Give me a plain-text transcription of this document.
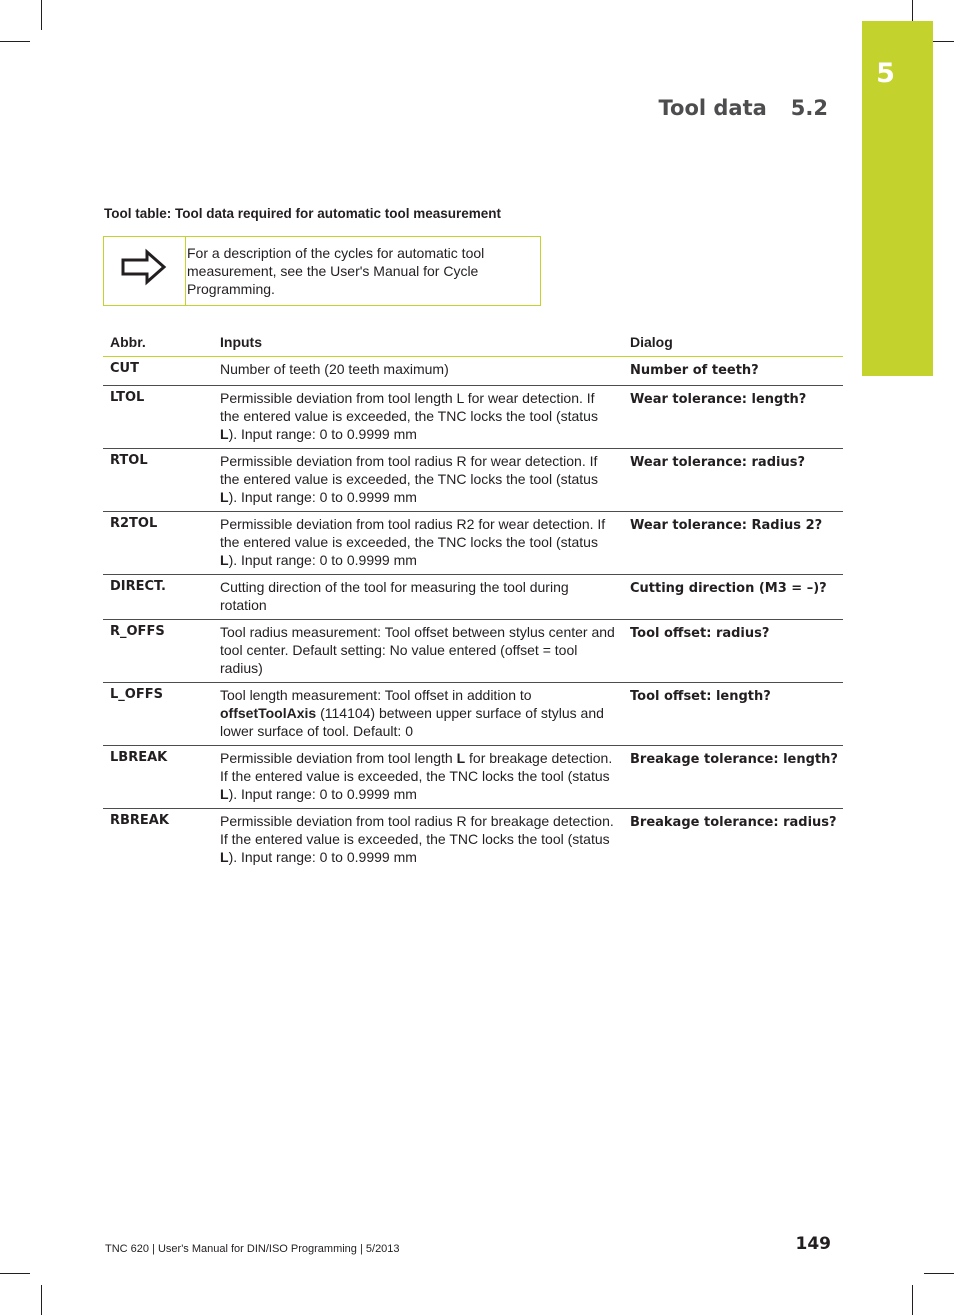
5
Tool data 5.2
Tool table: Tool data required for automatic tool measurement
For a description of the cycles for automatic tool measurement, see the User's Manual for Cycle Programming.
Abbr.	Inputs	Dialog
CUT	Number of teeth (20 teeth maximum)	Number of teeth?
LTOL	Permissible deviation from tool length L for wear detection. If the entered value is exceeded, the TNC locks the tool (status L). Input range: 0 to 0.9999 mm	Wear tolerance: length?
RTOL	Permissible deviation from tool radius R for wear detection. If the entered value is exceeded, the TNC locks the tool (status L). Input range: 0 to 0.9999 mm	Wear tolerance: radius?
R2TOL	Permissible deviation from tool radius R2 for wear detection. If the entered value is exceeded, the TNC locks the tool (status L). Input range: 0 to 0.9999 mm	Wear tolerance: Radius 2?
DIRECT.	Cutting direction of the tool for measuring the tool during rotation	Cutting direction (M3 = –)?
R_OFFS	Tool radius measurement: Tool offset between stylus center and tool center. Default setting: No value entered (offset = tool radius)	Tool offset: radius?
L_OFFS	Tool length measurement: Tool offset in addition to offsetToolAxis (114104) between upper surface of stylus and lower surface of tool. Default: 0	Tool offset: length?
LBREAK	Permissible deviation from tool length L for breakage detection. If the entered value is exceeded, the TNC locks the tool (status L). Input range: 0 to 0.9999 mm	Breakage tolerance: length?
RBREAK	Permissible deviation from tool radius R for breakage detection. If the entered value is exceeded, the TNC locks the tool (status L). Input range: 0 to 0.9999 mm	Breakage tolerance: radius?
TNC 620 | User's Manual for DIN/ISO Programming | 5/2013	149
